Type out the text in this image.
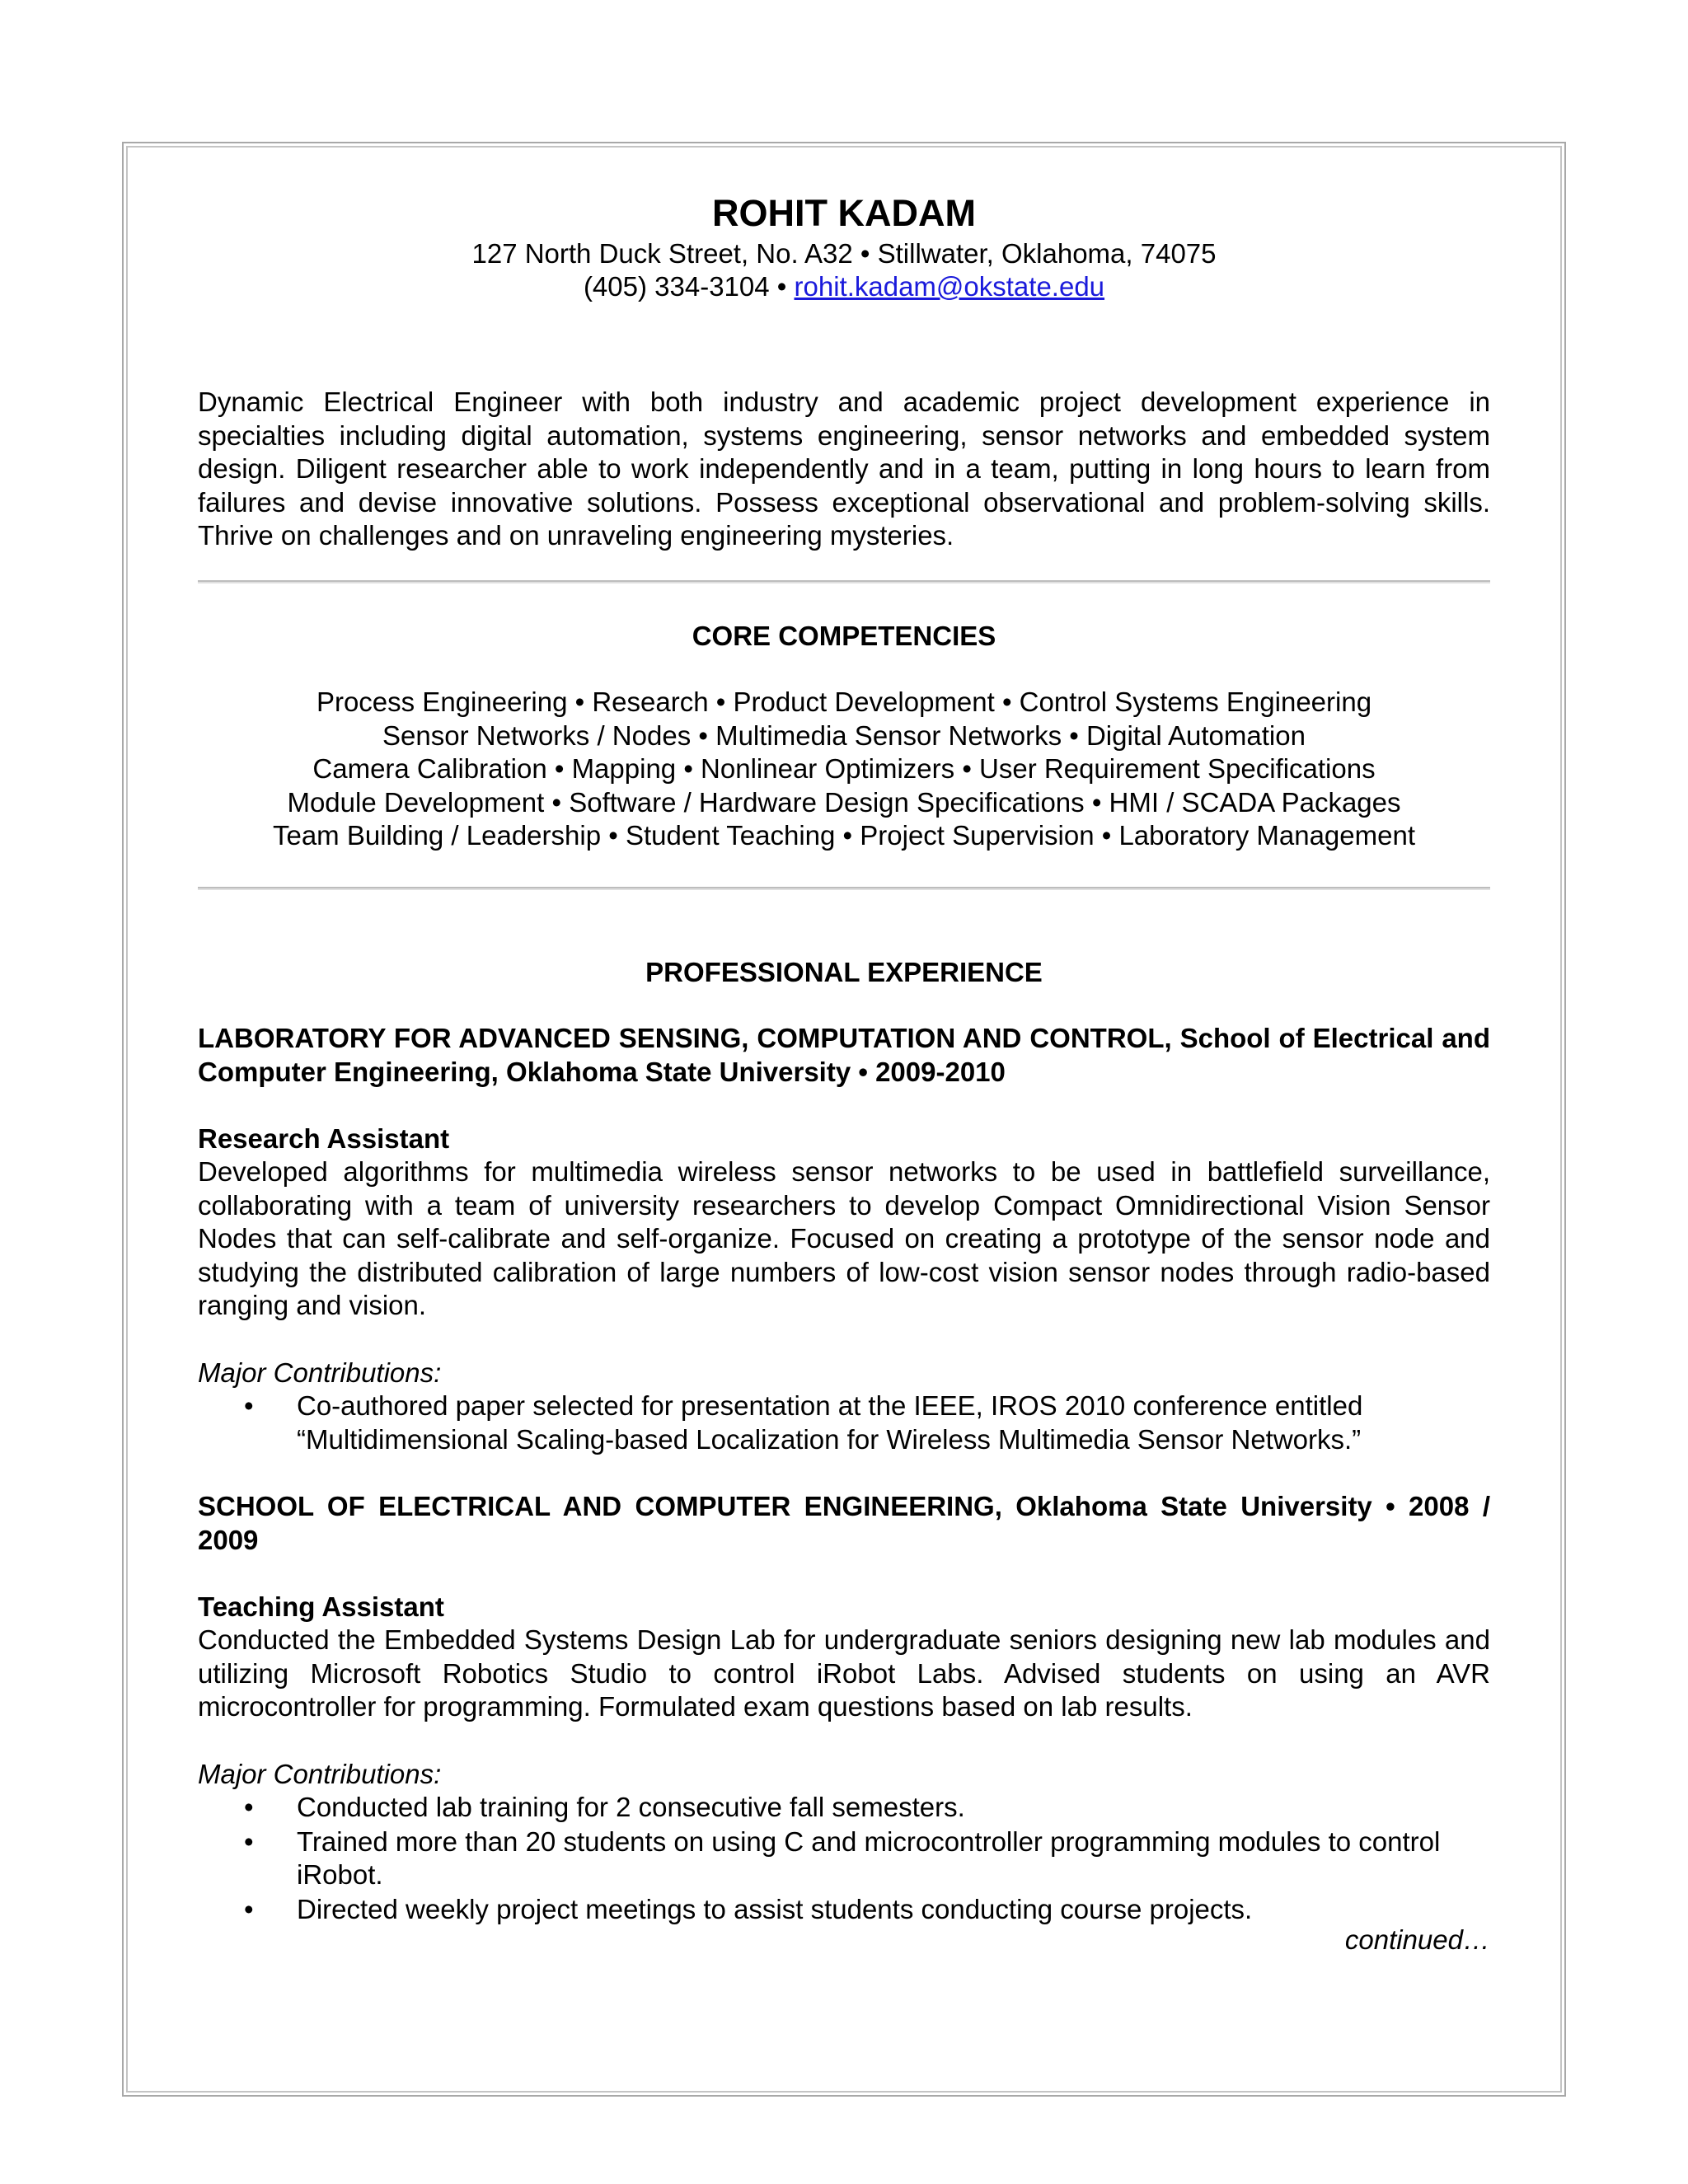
ROHIT KADAM
127 North Duck Street, No. A32 • Stillwater, Oklahoma, 74075
(405) 334-3104 • rohit.kadam@okstate.edu
Dynamic Electrical Engineer with both industry and academic project development experience in specialties including digital automation, systems engineering, sensor networks and embedded system design. Diligent researcher able to work independently and in a team, putting in long hours to learn from failures and devise innovative solutions. Possess exceptional observational and problem-solving skills. Thrive on challenges and on unraveling engineering mysteries.
CORE COMPETENCIES
Process Engineering • Research • Product Development • Control Systems Engineering
Sensor Networks / Nodes • Multimedia Sensor Networks • Digital Automation
Camera Calibration • Mapping • Nonlinear Optimizers • User Requirement Specifications
Module Development • Software / Hardware Design Specifications • HMI / SCADA Packages
Team Building / Leadership • Student Teaching • Project Supervision • Laboratory Management
PROFESSIONAL EXPERIENCE
LABORATORY FOR ADVANCED SENSING, COMPUTATION AND CONTROL, School of Electrical and Computer Engineering, Oklahoma State University • 2009-2010
Research Assistant
Developed algorithms for multimedia wireless sensor networks to be used in battlefield surveillance, collaborating with a team of university researchers to develop Compact Omnidirectional Vision Sensor Nodes that can self-calibrate and self-organize. Focused on creating a prototype of the sensor node and studying the distributed calibration of large numbers of low-cost vision sensor nodes through radio-based ranging and vision.
Major Contributions:
• Co-authored paper selected for presentation at the IEEE, IROS 2010 conference entitled “Multidimensional Scaling-based Localization for Wireless Multimedia Sensor Networks.”
SCHOOL OF ELECTRICAL AND COMPUTER ENGINEERING, Oklahoma State University • 2008 / 2009
Teaching Assistant
Conducted the Embedded Systems Design Lab for undergraduate seniors designing new lab modules and utilizing Microsoft Robotics Studio to control iRobot Labs. Advised students on using an AVR microcontroller for programming. Formulated exam questions based on lab results.
Major Contributions:
• Conducted lab training for 2 consecutive fall semesters.
• Trained more than 20 students on using C and microcontroller programming modules to control iRobot.
• Directed weekly project meetings to assist students conducting course projects.
continued…
